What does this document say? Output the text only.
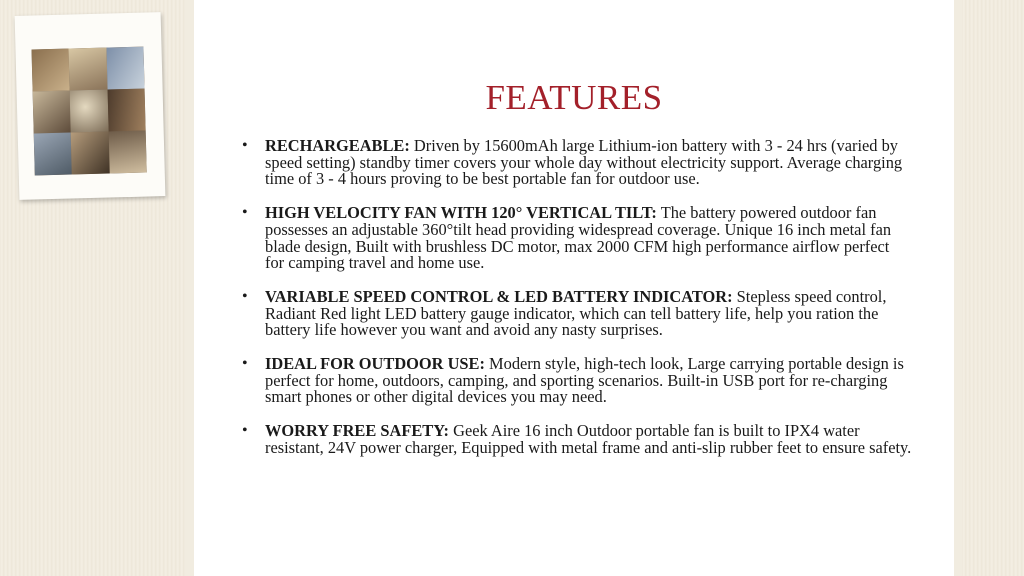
FEATURES
• RECHARGEABLE: Driven by 15600mAh large Lithium-ion battery with 3 - 24 hrs (varied by speed setting) standby timer covers your whole day without electricity support. Average charging time of 3 - 4 hours proving to be best portable fan for outdoor use.
• HIGH VELOCITY FAN WITH 120° VERTICAL TILT: The battery powered outdoor fan possesses an adjustable 360°tilt head providing widespread coverage. Unique 16 inch metal fan blade design, Built with brushless DC motor, max 2000 CFM high performance airflow perfect for camping travel and home use.
• VARIABLE SPEED CONTROL & LED BATTERY INDICATOR: Stepless speed control, Radiant Red light LED battery gauge indicator, which can tell battery life, help you ration the battery life however you want and avoid any nasty surprises.
• IDEAL FOR OUTDOOR USE: Modern style, high-tech look, Large carrying portable design is perfect for home, outdoors, camping, and sporting scenarios. Built-in USB port for re-charging smart phones or other digital devices you may need.
• WORRY FREE SAFETY: Geek Aire 16 inch Outdoor portable fan is built to IPX4 water resistant, 24V power charger, Equipped with metal frame and anti-slip rubber feet to ensure safety.
